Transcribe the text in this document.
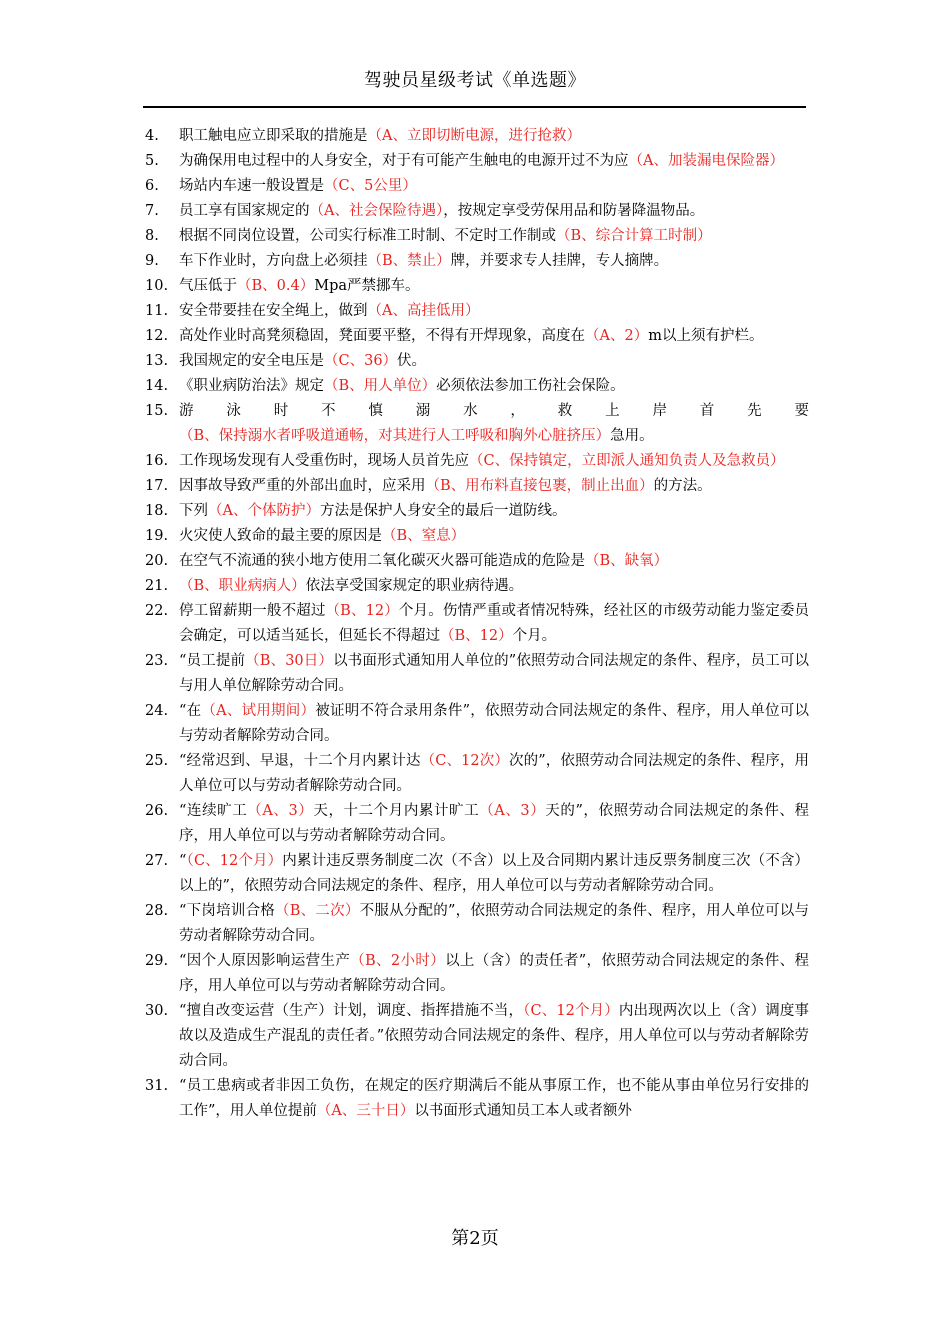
驾驶员星级考试《单选题》
4.	职工触电应立即采取的措施是（A、立即切断电源，进行抢救）
5.	为确保用电过程中的人身安全，对于有可能产生触电的电源开过不为应（A、加装漏电保险器）
6.	场站内车速一般设置是（C、5公里）
7.	员工享有国家规定的（A、社会保险待遇），按规定享受劳保用品和防暑降温物品。
8.	根据不同岗位设置，公司实行标准工时制、不定时工作制或（B、综合计算工时制）
9.	车下作业时，方向盘上必须挂（B、禁止）牌，并要求专人挂牌，专人摘牌。
10. 气压低于（B、0.4）Mpa严禁挪车。
11. 安全带要挂在安全绳上，做到（A、高挂低用）
12. 高处作业时高凳须稳固，凳面要平整，不得有开焊现象，高度在（A、2）m以上须有护栏。
13. 我国规定的安全电压是（C、36）伏。
14. 《职业病防治法》规定（B、用人单位）必须依法参加工伤社会保险。
15. 游泳时不慎溺水，救上岸首先要（B、保持溺水者呼吸道通畅，对其进行人工呼吸和胸外心脏挤压）急用。
16. 工作现场发现有人受重伤时，现场人员首先应（C、保持镇定，立即派人通知负责人及急救员）
17. 因事故导致严重的外部出血时，应采用（B、用布料直接包裹，制止出血）的方法。
18. 下列（A、个体防护）方法是保护人身安全的最后一道防线。
19. 火灾使人致命的最主要的原因是（B、窒息）
20. 在空气不流通的狭小地方使用二氧化碳灭火器可能造成的危险是（B、缺氧）
21. （B、职业病病人）依法享受国家规定的职业病待遇。
22. 停工留薪期一般不超过（B、12）个月。伤情严重或者情况特殊，经社区的市级劳动能力鉴定委员会确定，可以适当延长，但延长不得超过（B、12）个月。
23. “员工提前（B、30日）以书面形式通知用人单位的”依照劳动合同法规定的条件、程序，员工可以与用人单位解除劳动合同。
24. “在（A、试用期间）被证明不符合录用条件”，依照劳动合同法规定的条件、程序，用人单位可以与劳动者解除劳动合同。
25. “经常迟到、早退，十二个月内累计达（C、12次）次的”，依照劳动合同法规定的条件、程序，用人单位可以与劳动者解除劳动合同。
26. “连续旷工（A、3）天，十二个月内累计旷工（A、3）天的”，依照劳动合同法规定的条件、程序，用人单位可以与劳动者解除劳动合同。
27. “（C、12个月）内累计违反票务制度二次（不含）以上及合同期内累计违反票务制度三次（不含）以上的”，依照劳动合同法规定的条件、程序，用人单位可以与劳动者解除劳动合同。
28. “下岗培训合格（B、二次）不服从分配的”，依照劳动合同法规定的条件、程序，用人单位可以与劳动者解除劳动合同。
29. “因个人原因影响运营生产（B、2小时）以上（含）的责任者”，依照劳动合同法规定的条件、程序，用人单位可以与劳动者解除劳动合同。
30. “擅自改变运营（生产）计划，调度、指挥措施不当，（C、12个月）内出现两次以上（含）调度事故以及造成生产混乱的责任者。”依照劳动合同法规定的条件、程序，用人单位可以与劳动者解除劳动合同。
31. “员工患病或者非因工负伤，在规定的医疗期满后不能从事原工作，也不能从事由单位另行安排的工作”，用人单位提前（A、三十日）以书面形式通知员工本人或者额外
第2页
